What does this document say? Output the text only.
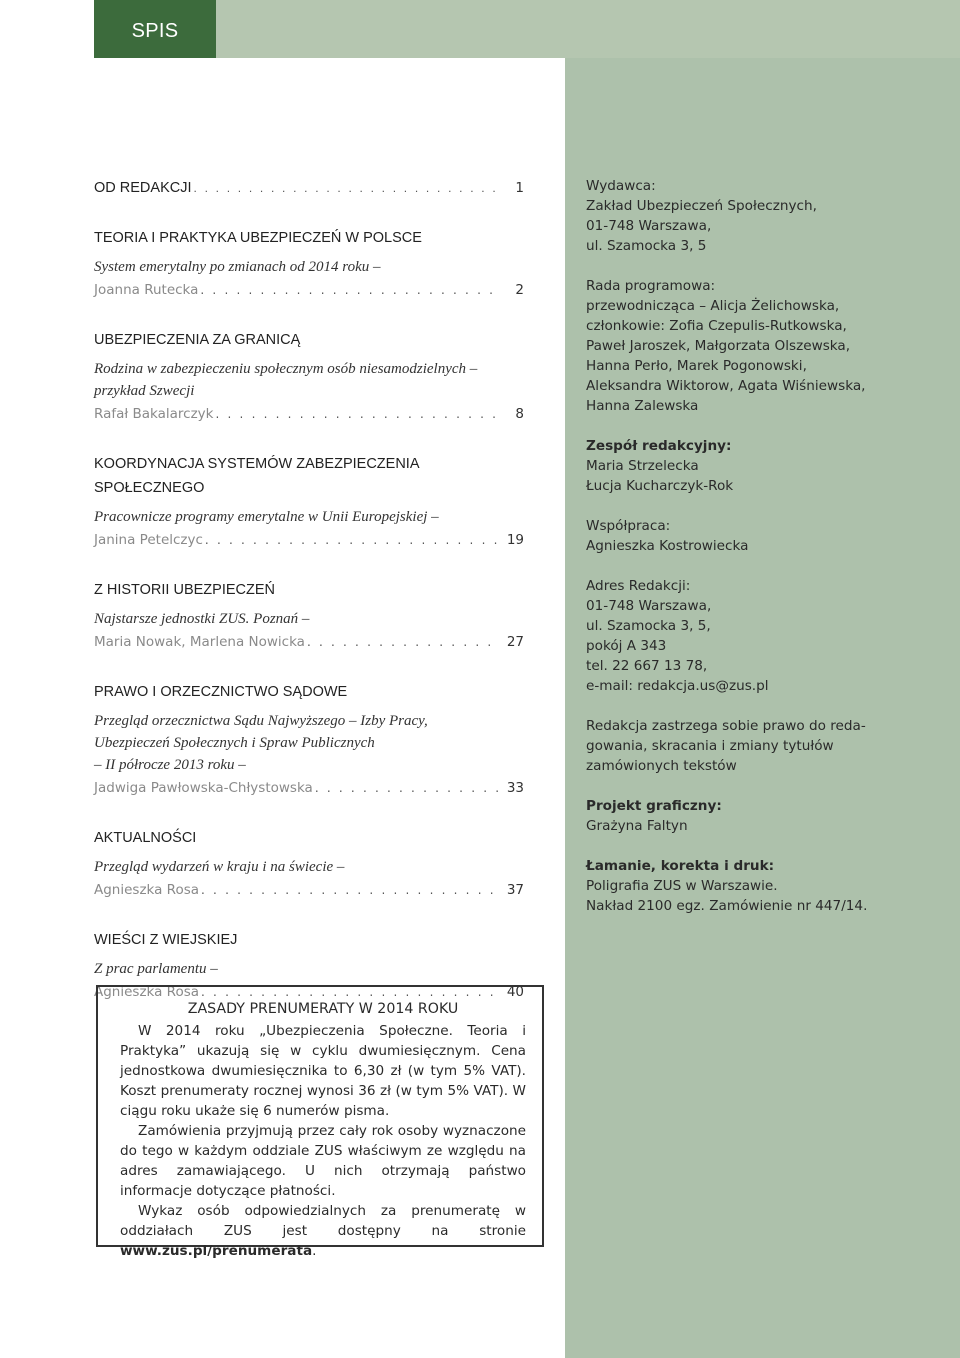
SPIS TREŚCI
OD REDAKCJI . . .	1
TEORIA I PRAKTYKA UBEZPIECZEŃ W POLSCE
System emerytalny po zmianach od 2014 roku –
Joanna Rutecka . . .	2
UBEZPIECZENIA ZA GRANICĄ
Rodzina w zabezpieczeniu społecznym osób niesamodzielnych –
przykład Szwecji
Rafał Bakalarczyk . . .	8
KOORDYNACJA SYSTEMÓW ZABEZPIECZENIA SPOŁECZNEGO
Pracownicze programy emerytalne w Unii Europejskiej –
Janina Petelczyc . . .	19
Z HISTORII UBEZPIECZEŃ
Najstarsze jednostki ZUS. Poznań –
Maria Nowak, Marlena Nowicka . . .	27
PRAWO I ORZECZNICTWO SĄDOWE
Przegląd orzecznictwa Sądu Najwyższego – Izby Pracy,
Ubezpieczeń Społecznych i Spraw Publicznych
– II półrocze 2013 roku –
Jadwiga Pawłowska-Chłystowska . . .	33
AKTUALNOŚCI
Przegląd wydarzeń w kraju i na świecie –
Agnieszka Rosa . . .	37
WIEŚCI Z WIEJSKIEJ
Z prac parlamentu –
Agnieszka Rosa . . .	40
Wydawca:
Zakład Ubezpieczeń Społecznych,
01-748 Warszawa,
ul. Szamocka 3, 5
Rada programowa:
przewodnicząca – Alicja Żelichowska,
członkowie: Zofia Czepulis-Rutkowska,
Paweł Jaroszek, Małgorzata Olszewska,
Hanna Perło, Marek Pogonowski,
Aleksandra Wiktorow, Agata Wiśniewska,
Hanna Zalewska
Zespół redakcyjny:
Maria Strzelecka
Łucja Kucharczyk-Rok
Współpraca:
Agnieszka Kostrowiecka
Adres Redakcji:
01-748 Warszawa,
ul. Szamocka 3, 5,
pokój A 343
tel. 22 667 13 78,
e-mail: redakcja.us@zus.pl
Redakcja zastrzega sobie prawo do reda-
gowania, skracania i zmiany tytułów
zamówionych tekstów
Projekt graficzny:
Grażyna Faltyn
Łamanie, korekta i druk:
Poligrafia ZUS w Warszawie.
Nakład 2100 egz. Zamówienie nr 447/14.
ZASADY PRENUMERATY W 2014 ROKU

W 2014 roku „Ubezpieczenia Społeczne. Teoria i Praktyka” ukazują się w cyklu dwumiesięcznym. Cena jednostkowa dwumiesięcznika to 6,30 zł (w tym 5% VAT). Koszt prenumeraty rocznej wynosi 36 zł (w tym 5% VAT). W ciągu roku ukaże się 6 numerów pisma.

Zamówienia przyjmują przez cały rok osoby wyznaczone do tego w każdym oddziale ZUS właściwym ze względu na adres zamawiającego. U nich otrzymają państwo informacje dotyczące płatności.

Wykaz osób odpowiedzialnych za prenumeratę w oddziałach ZUS jest dostępny na stronie www.zus.pl/prenumerata.
